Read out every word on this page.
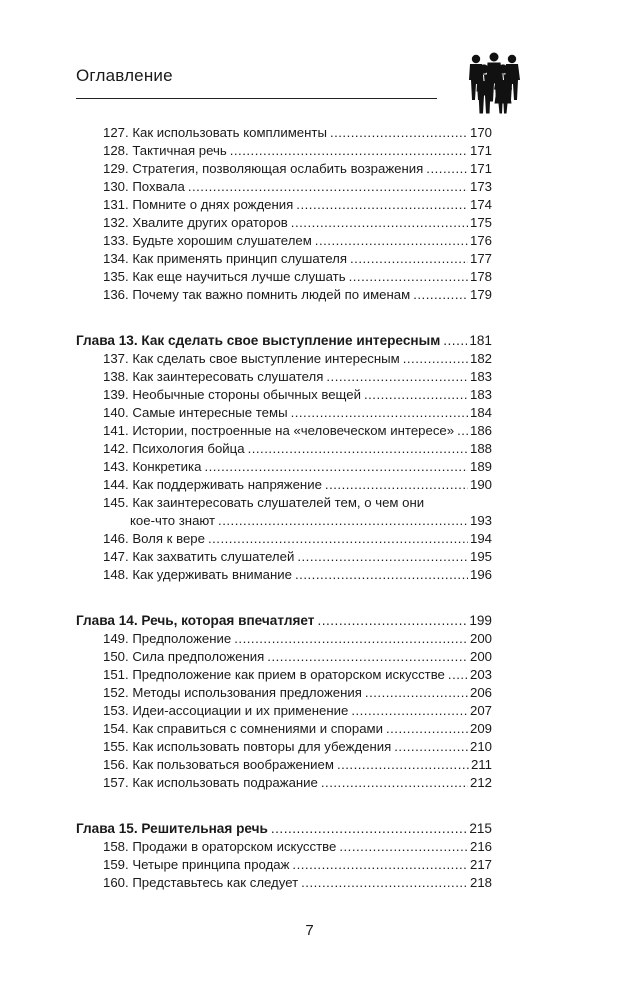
Оглавление
127. Как использовать комплименты .....	170
128. Тактичная речь .....	171
129. Стратегия, позволяющая ослабить возражения .....	171
130. Похвала .....	173
131. Помните о днях рождения .....	174
132. Хвалите других ораторов .....	175
133. Будьте хорошим слушателем .....	176
134. Как применять принцип слушателя .....	177
135. Как еще научиться лучше слушать .....	178
136. Почему так важно помнить людей по именам .....	179
Глава 13. Как сделать свое выступление интересным ..... 181
137. Как сделать свое выступление интересным .....	182
138. Как заинтересовать слушателя .....	183
139. Необычные стороны обычных вещей .....	183
140. Самые интересные темы .....	184
141. Истории, построенные на «человеческом интересе» ..... 186
142. Психология бойца .....	188
143. Конкретика .....	189
144. Как поддерживать напряжение .....	190
145. Как заинтересовать слушателей тем, о чем они
кое-что знают .....	193
146. Воля к вере .....	194
147. Как захватить слушателей .....	195
148. Как удерживать внимание .....	196
Глава 14. Речь, которая впечатляет .....	199
149. Предположение .....	200
150. Сила предположения .....	200
151. Предположение как прием в ораторском искусстве ..... 203
152. Методы использования предложения .....	206
153. Идеи-ассоциации и их применение .....	207
154. Как справиться с сомнениями и спорами .....	209
155. Как использовать повторы для убеждения .....	210
156. Как пользоваться воображением .....	211
157. Как использовать подражание .....	212
Глава 15. Решительная речь .....	215
158. Продажи в ораторском искусстве .....	216
159. Четыре принципа продаж .....	217
160. Представьтесь как следует .....	218
7
